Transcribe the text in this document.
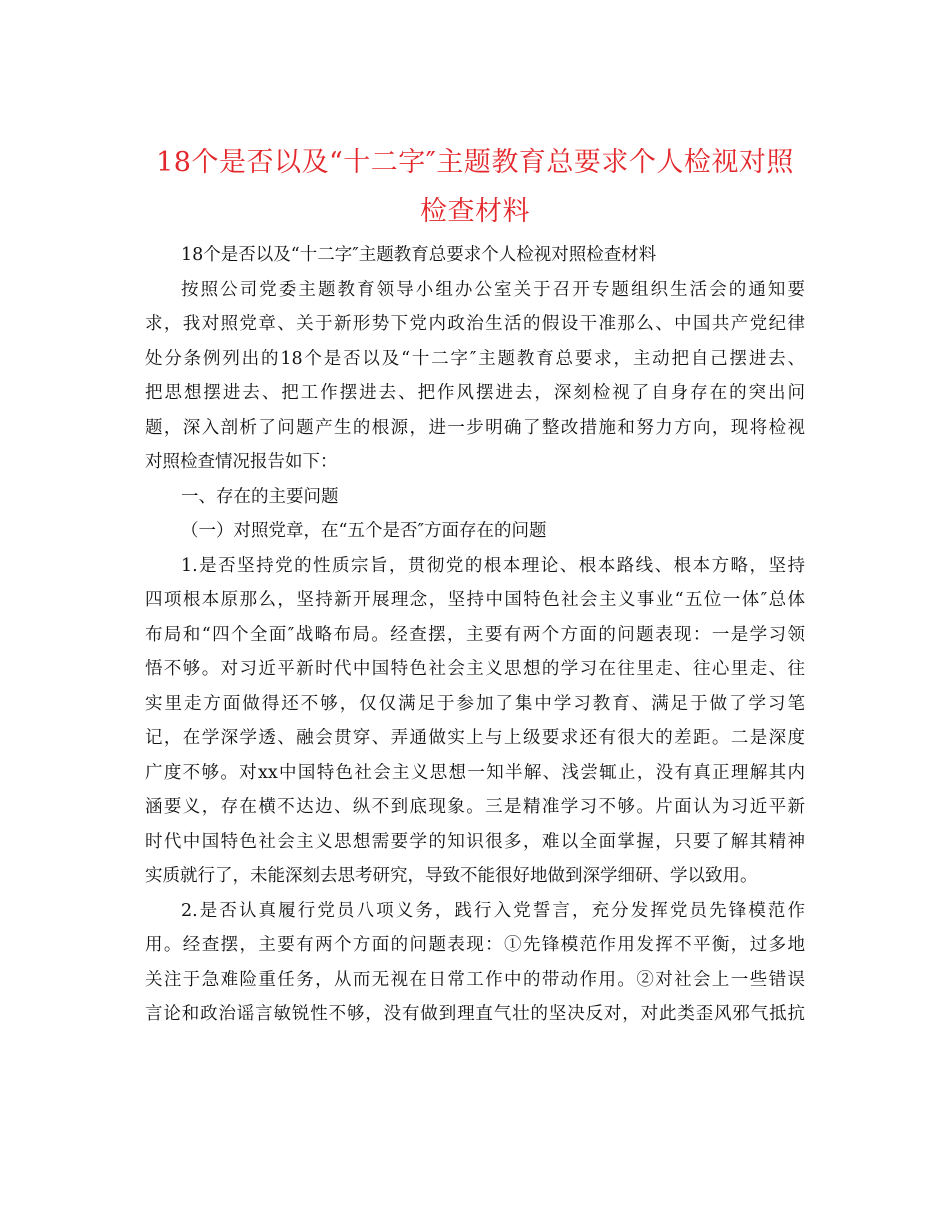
18个是否以及“十二字″主题教育总要求个人检视对照
检查材料
18个是否以及“十二字″主题教育总要求个人检视对照检查材料
按照公司党委主题教育领导小组办公室关于召开专题组织生活会的通知要
求，我对照党章、关于新形势下党内政治生活的假设干准那么、中国共产党纪律
处分条例列出的18个是否以及“十二字″主题教育总要求，主动把自己摆进去、
把思想摆进去、把工作摆进去、把作风摆进去，深刻检视了自身存在的突出问
题，深入剖析了问题产生的根源，进一步明确了整改措施和努力方向，现将检视
对照检查情况报告如下：
一、存在的主要问题
（一）对照党章，在“五个是否″方面存在的问题
1.是否坚持党的性质宗旨，贯彻党的根本理论、根本路线、根本方略，坚持
四项根本原那么，坚持新开展理念，坚持中国特色社会主义事业“五位一体″总体
布局和“四个全面″战略布局。经查摆，主要有两个方面的问题表现：一是学习领
悟不够。对习近平新时代中国特色社会主义思想的学习在往里走、往心里走、往
实里走方面做得还不够，仅仅满足于参加了集中学习教育、满足于做了学习笔
记，在学深学透、融会贯穿、弄通做实上与上级要求还有很大的差距。二是深度
广度不够。对xx中国特色社会主义思想一知半解、浅尝辄止，没有真正理解其内
涵要义，存在横不达边、纵不到底现象。三是精准学习不够。片面认为习近平新
时代中国特色社会主义思想需要学的知识很多，难以全面掌握，只要了解其精神
实质就行了，未能深刻去思考研究，导致不能很好地做到深学细研、学以致用。
2.是否认真履行党员八项义务，践行入党誓言，充分发挥党员先锋模范作
用。经查摆，主要有两个方面的问题表现：①先锋模范作用发挥不平衡，过多地
关注于急难险重任务，从而无视在日常工作中的带动作用。②对社会上一些错误
言论和政治谣言敏锐性不够，没有做到理直气壮的坚决反对，对此类歪风邪气抵抗
